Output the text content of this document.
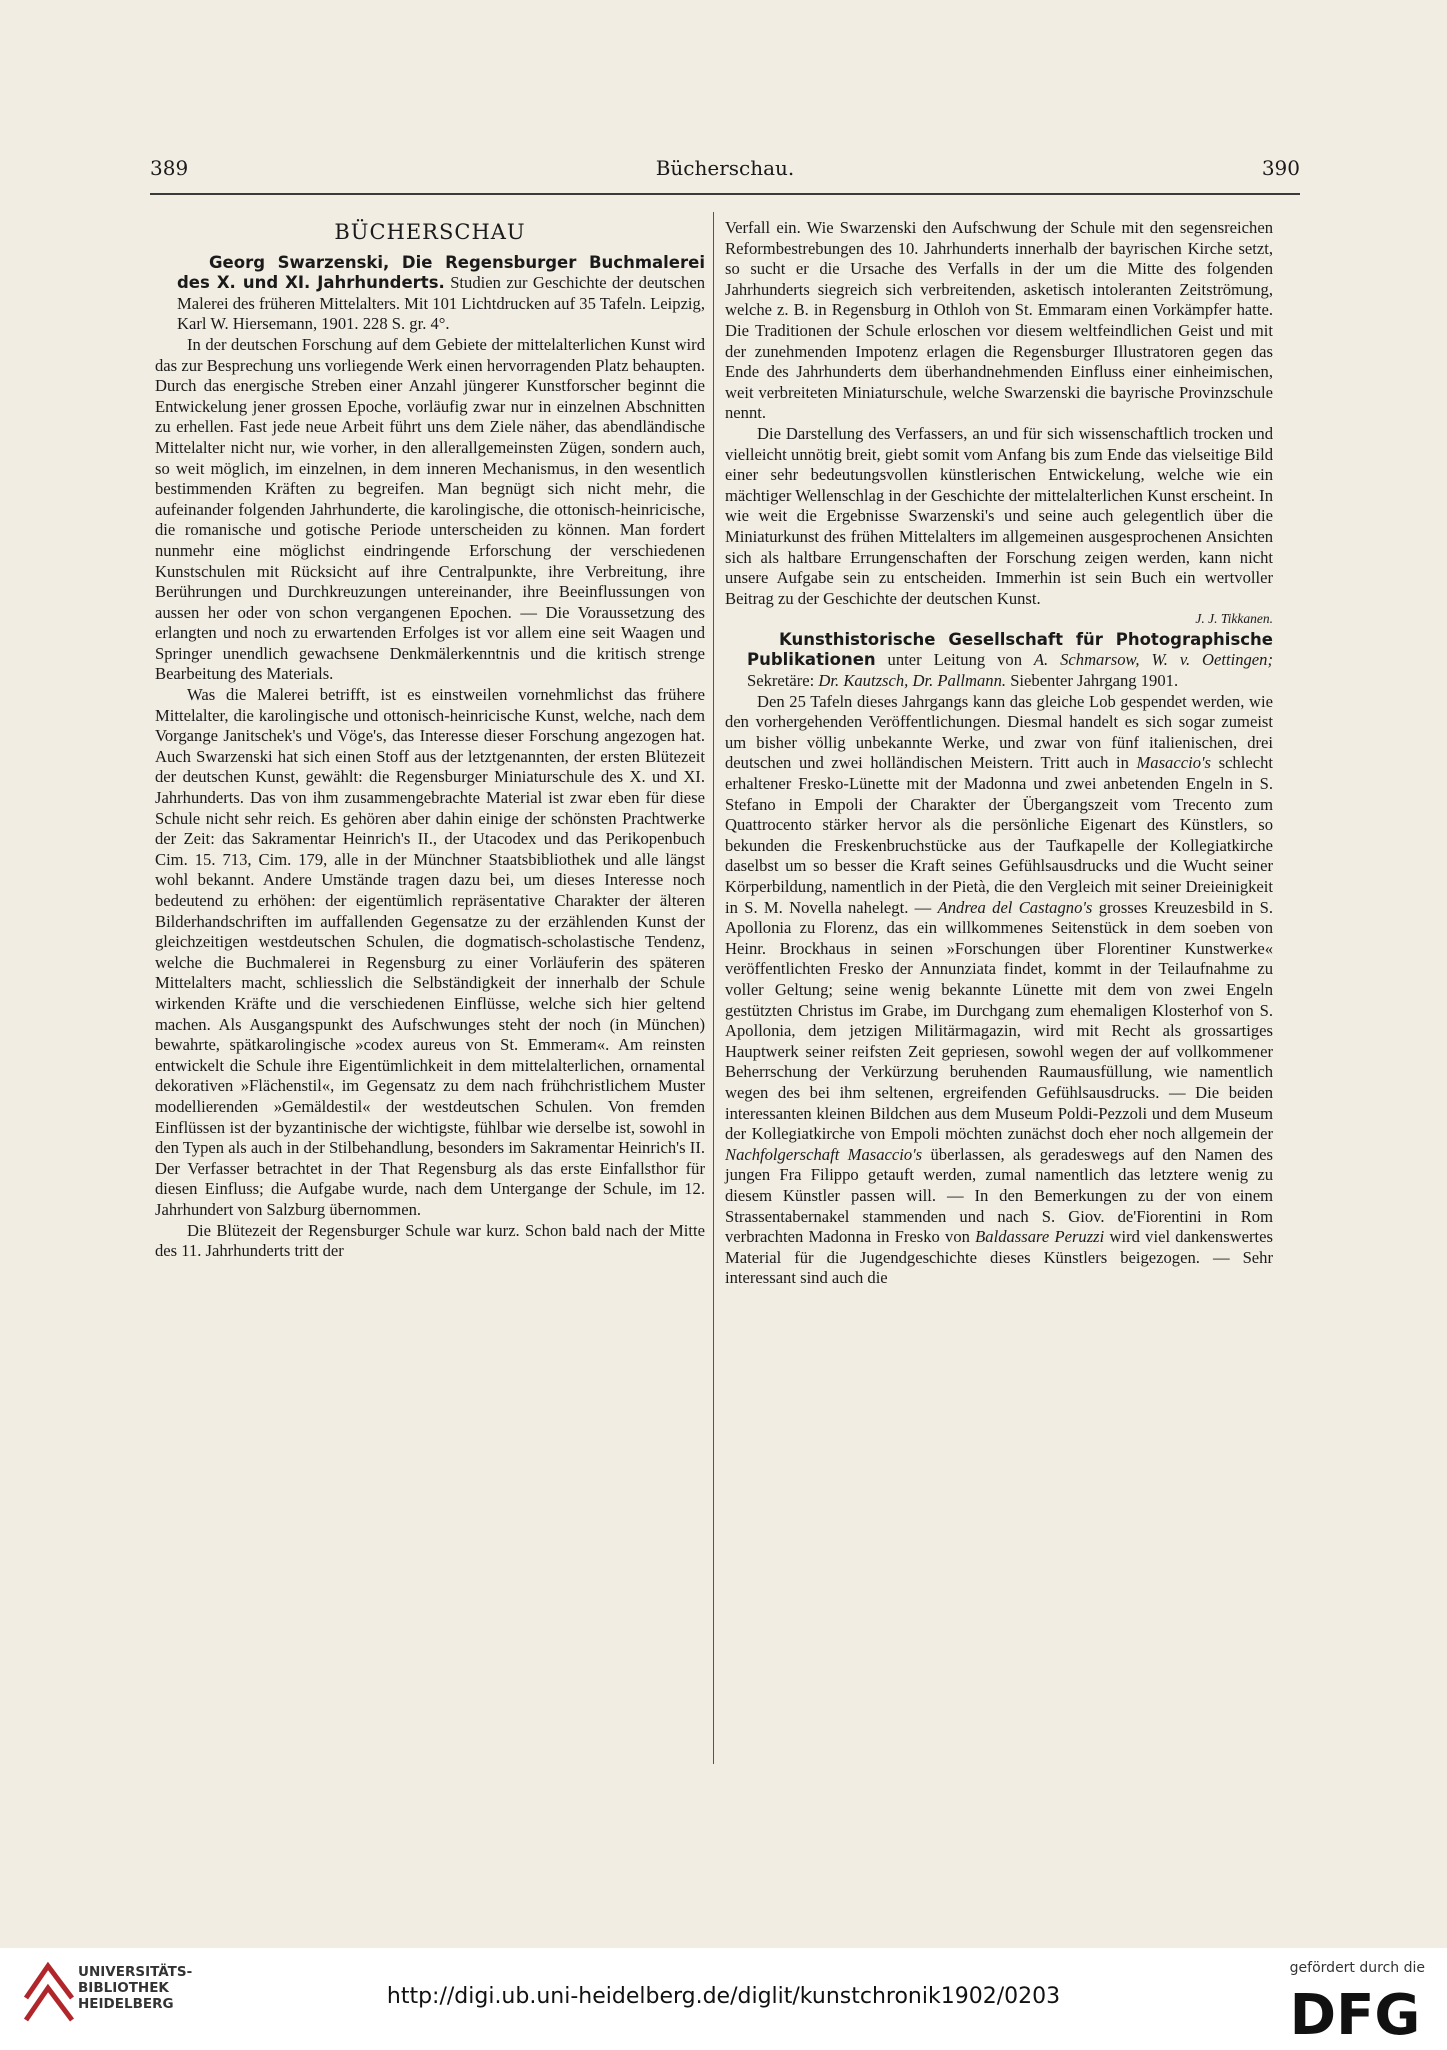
389	Bücherschau.	390
BÜCHERSCHAU

Georg Swarzenski, Die Regensburger Buchmalerei des X. und XI. Jahrhunderts. Studien zur Geschichte der deutschen Malerei des früheren Mittelalters. Mit 101 Lichtdrucken auf 35 Tafeln. Leipzig, Karl W. Hiersemann, 1901. 228 S. gr. 4°.

In der deutschen Forschung auf dem Gebiete der mittelalterlichen Kunst wird das zur Besprechung uns vorliegende Werk einen hervorragenden Platz behaupten. Durch das energische Streben einer Anzahl jüngerer Kunstforscher beginnt die Entwickelung jener grossen Epoche, vorläufig zwar nur in einzelnen Abschnitten zu erhellen. Fast jede neue Arbeit führt uns dem Ziele näher, das abendländische Mittelalter nicht nur, wie vorher, in den allerallgemeinsten Zügen, sondern auch, so weit möglich, im einzelnen, in dem inneren Mechanismus, in den wesentlich bestimmenden Kräften zu begreifen. Man begnügt sich nicht mehr, die aufeinander folgenden Jahrhunderte, die karolingische, die ottonisch-heinricische, die romanische und gotische Periode unterscheiden zu können. Man fordert nunmehr eine möglichst eindringende Erforschung der verschiedenen Kunstschulen mit Rücksicht auf ihre Centralpunkte, ihre Verbreitung, ihre Berührungen und Durchkreuzungen untereinander, ihre Beeinflussungen von aussen her oder von schon vergangenen Epochen. — Die Voraussetzung des erlangten und noch zu erwartenden Erfolges ist vor allem eine seit Waagen und Springer unendlich gewachsene Denkmälerkenntnis und die kritisch strenge Bearbeitung des Materials.

Was die Malerei betrifft, ist es einstweilen vornehmlichst das frühere Mittelalter, die karolingische und ottonisch-heinricische Kunst, welche, nach dem Vorgange Janitschek's und Vöge's, das Interesse dieser Forschung angezogen hat. Auch Swarzenski hat sich einen Stoff aus der letztgenannten, der ersten Blütezeit der deutschen Kunst, gewählt: die Regensburger Miniaturschule des X. und XI. Jahrhunderts. Das von ihm zusammengebrachte Material ist zwar eben für diese Schule nicht sehr reich. Es gehören aber dahin einige der schönsten Prachtwerke der Zeit: das Sakramentar Heinrich's II., der Utacodex und das Perikopenbuch Cim. 15. 713, Cim. 179, alle in der Münchner Staatsbibliothek und alle längst wohl bekannt. Andere Umstände tragen dazu bei, um dieses Interesse noch bedeutend zu erhöhen: der eigentümlich repräsentative Charakter der älteren Bilderhandschriften im auffallenden Gegensatze zu der erzählenden Kunst der gleichzeitigen westdeutschen Schulen, die dogmatisch-scholastische Tendenz, welche die Buchmalerei in Regensburg zu einer Vorläuferin des späteren Mittelalters macht, schliesslich die Selbständigkeit der innerhalb der Schule wirkenden Kräfte und die verschiedenen Einflüsse, welche sich hier geltend machen. Als Ausgangspunkt des Aufschwunges steht der noch (in München) bewahrte, spätkarolingische »codex aureus von St. Emmeram«. Am reinsten entwickelt die Schule ihre Eigentümlichkeit in dem mittelalterlichen, ornamental dekorativen »Flächenstil«, im Gegensatz zu dem nach frühchristlichem Muster modellierenden »Gemäldestil« der westdeutschen Schulen. Von fremden Einflüssen ist der byzantinische der wichtigste, fühlbar wie derselbe ist, sowohl in den Typen als auch in der Stilbehandlung, besonders im Sakramentar Heinrich's II. Der Verfasser betrachtet in der That Regensburg als das erste Einfallsthor für diesen Einfluss; die Aufgabe wurde, nach dem Untergange der Schule, im 12. Jahrhundert von Salzburg übernommen.

Die Blütezeit der Regensburger Schule war kurz. Schon bald nach der Mitte des 11. Jahrhunderts tritt der

Verfall ein. Wie Swarzenski den Aufschwung der Schule mit den segensreichen Reformbestrebungen des 10. Jahrhunderts innerhalb der bayrischen Kirche setzt, so sucht er die Ursache des Verfalls in der um die Mitte des folgenden Jahrhunderts siegreich sich verbreitenden, asketisch intoleranten Zeitströmung, welche z. B. in Regensburg in Othloh von St. Emmaram einen Vorkämpfer hatte. Die Traditionen der Schule erloschen vor diesem weltfeindlichen Geist und mit der zunehmenden Impotenz erlagen die Regensburger Illustratoren gegen das Ende des Jahrhunderts dem überhandnehmenden Einfluss einer einheimischen, weit verbreiteten Miniaturschule, welche Swarzenski die bayrische Provinzschule nennt.

Die Darstellung des Verfassers, an und für sich wissenschaftlich trocken und vielleicht unnötig breit, giebt somit vom Anfang bis zum Ende das vielseitige Bild einer sehr bedeutungsvollen künstlerischen Entwickelung, welche wie ein mächtiger Wellenschlag in der Geschichte der mittelalterlichen Kunst erscheint. In wie weit die Ergebnisse Swarzenski's und seine auch gelegentlich über die Miniaturkunst des frühen Mittelalters im allgemeinen ausgesprochenen Ansichten sich als haltbare Errungenschaften der Forschung zeigen werden, kann nicht unsere Aufgabe sein zu entscheiden. Immerhin ist sein Buch ein wertvoller Beitrag zu der Geschichte der deutschen Kunst.

J. J. Tikkanen.

Kunsthistorische Gesellschaft für Photographische Publikationen unter Leitung von A. Schmarsow, W. v. Oettingen; Sekretäre: Dr. Kautzsch, Dr. Pallmann. Siebenter Jahrgang 1901.

Den 25 Tafeln dieses Jahrgangs kann das gleiche Lob gespendet werden, wie den vorhergehenden Veröffentlichungen. Diesmal handelt es sich sogar zumeist um bisher völlig unbekannte Werke, und zwar von fünf italienischen, drei deutschen und zwei holländischen Meistern. Tritt auch in Masaccio's schlecht erhaltener Fresko-Lünette mit der Madonna und zwei anbetenden Engeln in S. Stefano in Empoli der Charakter der Übergangszeit vom Trecento zum Quattrocento stärker hervor als die persönliche Eigenart des Künstlers, so bekunden die Freskenbruchstücke aus der Taufkapelle der Kollegiatkirche daselbst um so besser die Kraft seines Gefühlsausdrucks und die Wucht seiner Körperbildung, namentlich in der Pietà, die den Vergleich mit seiner Dreieinigkeit in S. M. Novella nahelegt. — Andrea del Castagno's grosses Kreuzesbild in S. Apollonia zu Florenz, das ein willkommenes Seitenstück in dem soeben von Heinr. Brockhaus in seinen »Forschungen über Florentiner Kunstwerke« veröffentlichten Fresko der Annunziata findet, kommt in der Teilaufnahme zu voller Geltung; seine wenig bekannte Lünette mit dem von zwei Engeln gestützten Christus im Grabe, im Durchgang zum ehemaligen Klosterhof von S. Apollonia, dem jetzigen Militärmagazin, wird mit Recht als grossartiges Hauptwerk seiner reifsten Zeit gepriesen, sowohl wegen der auf vollkommener Beherrschung der Verkürzung beruhenden Raumausfüllung, wie namentlich wegen des bei ihm seltenen, ergreifenden Gefühlsausdrucks. — Die beiden interessanten kleinen Bildchen aus dem Museum Poldi-Pezzoli und dem Museum der Kollegiatkirche von Empoli möchten zunächst doch eher noch allgemein der Nachfolgerschaft Masaccio's überlassen, als geradeswegs auf den Namen des jungen Fra Filippo getauft werden, zumal namentlich das letztere wenig zu diesem Künstler passen will. — In den Bemerkungen zu der von einem Strassentabernakel stammenden und nach S. Giov. de'Fiorentini in Rom verbrachten Madonna in Fresko von Baldassare Peruzzi wird viel dankenswertes Material für die Jugendgeschichte dieses Künstlers beigezogen. — Sehr interessant sind auch die

UNIVERSITÄTS-
BIBLIOTHEK
HEIDELBERG	http://digi.ub.uni-heidelberg.de/diglit/kunstchronik1902/0203
gefördert durch die
DFG
